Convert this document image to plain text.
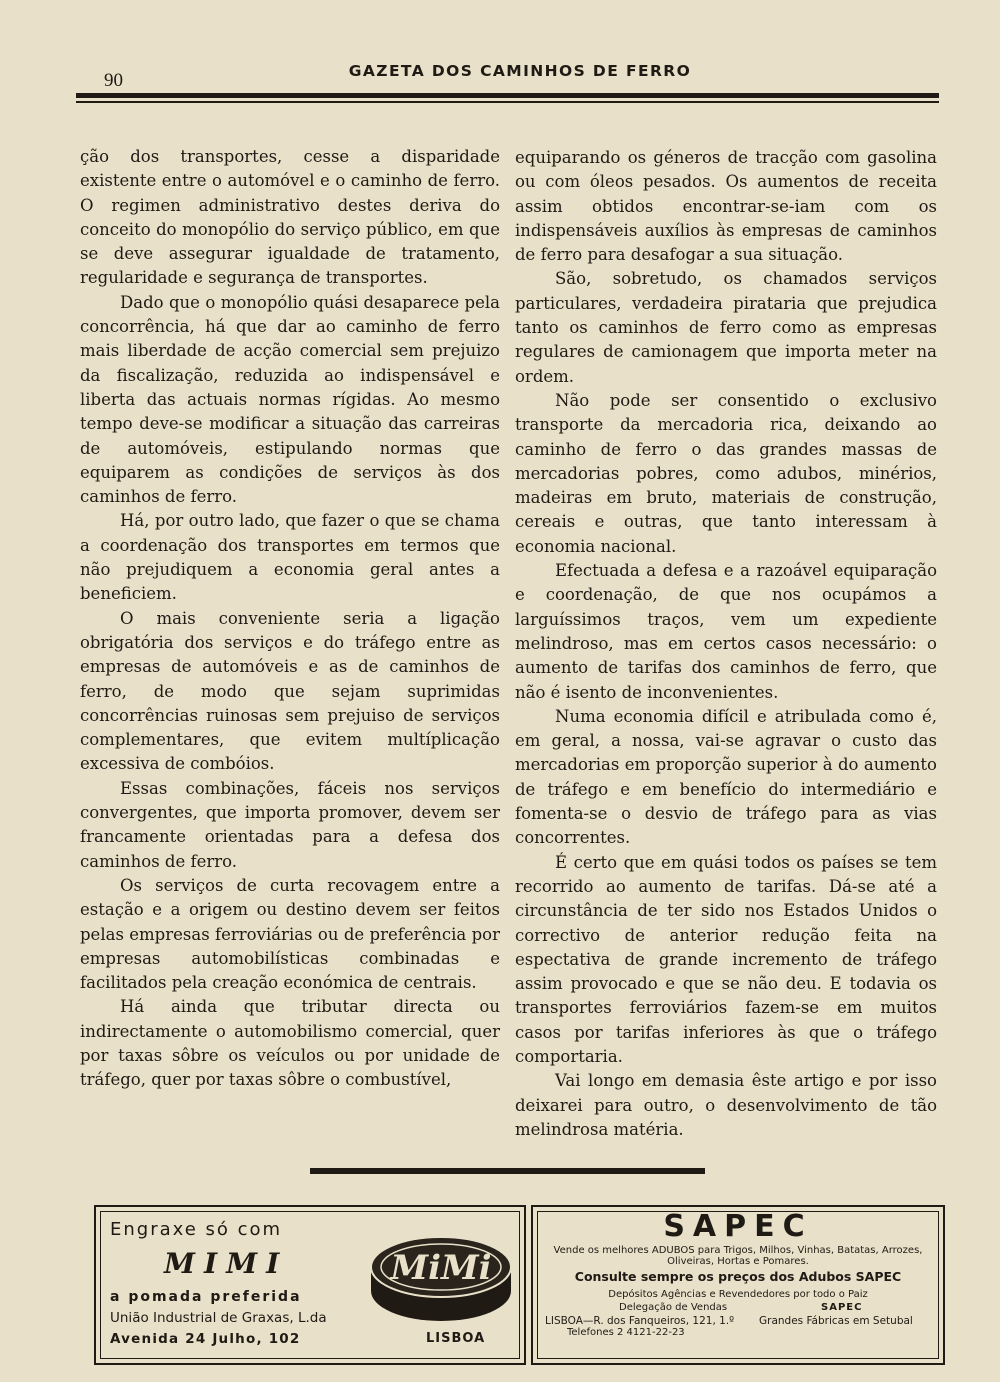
90	GAZETA DOS CAMINHOS DE FERRO

ção dos transportes, cesse a disparidade existente entre o automóvel e o caminho de ferro. O regimen administrativo destes deriva do conceito do monopólio do serviço público, em que se deve assegurar igualdade de tratamento, regularidade e segurança de transportes.

Dado que o monopólio quási desaparece pela concorrência, há que dar ao caminho de ferro mais liberdade de acção comercial sem prejuizo da fiscalização, reduzida ao indispensável e liberta das actuais normas rígidas. Ao mesmo tempo deve-se modificar a situação das carreiras de automóveis, estipulando normas que equiparem as condições de serviços às dos caminhos de ferro.

Há, por outro lado, que fazer o que se chama a coordenação dos transportes em termos que não prejudiquem a economia geral antes a beneficiem.

O mais conveniente seria a ligação obrigatória dos serviços e do tráfego entre as empresas de automóveis e as de caminhos de ferro, de modo que sejam suprimidas concorrências ruinosas sem prejuiso de serviços complementares, que evitem multíplicação excessiva de combóios.

Essas combinações, fáceis nos serviços convergentes, que importa promover, devem ser francamente orientadas para a defesa dos caminhos de ferro.

Os serviços de curta recovagem entre a estação e a origem ou destino devem ser feitos pelas empresas ferroviárias ou de preferência por empresas automobilísticas combinadas e facilitados pela creação económica de centrais.

Há ainda que tributar directa ou indirectamente o automobilismo comercial, quer por taxas sôbre os veículos ou por unidade de tráfego, quer por taxas sôbre o combustível,

equiparando os géneros de tracção com gasolina ou com óleos pesados. Os aumentos de receita assim obtidos encontrar-se-iam com os indispensáveis auxílios às empresas de caminhos de ferro para desafogar a sua situação.

São, sobretudo, os chamados serviços particulares, verdadeira pirataria que prejudica tanto os caminhos de ferro como as empresas regulares de camionagem que importa meter na ordem.

Não pode ser consentido o exclusivo transporte da mercadoria rica, deixando ao caminho de ferro o das grandes massas de mercadorias pobres, como adubos, minérios, madeiras em bruto, materiais de construção, cereais e outras, que tanto interessam à economia nacional.

Efectuada a defesa e a razoável equiparação e coordenação, de que nos ocupámos a larguíssimos traços, vem um expediente melindroso, mas em certos casos necessário: o aumento de tarifas dos caminhos de ferro, que não é isento de inconvenientes.

Numa economia difícil e atribulada como é, em geral, a nossa, vai-se agravar o custo das mercadorias em proporção superior à do aumento de tráfego e em benefício do intermediário e fomenta-se o desvio de tráfego para as vias concorrentes.

É certo que em quási todos os países se tem recorrido ao aumento de tarifas. Dá-se até a circunstância de ter sido nos Estados Unidos o correctivo de anterior redução feita na espectativa de grande incremento de tráfego assim provocado e que se não deu. E todavia os transportes ferroviários fazem-se em muitos casos por tarifas inferiores às que o tráfego comportaria.

Vai longo em demasia êste artigo e por isso deixarei para outro, o desenvolvimento de tão melindrosa matéria.

Engraxe só com
MIMI	MiMi
a pomada preferida
União Industrial de Graxas, L.da
Avenida 24 Julho, 102	LISBOA
SAPEC
Vende os melhores ADUBOS para Trigos, Milhos, Vinhas, Batatas, Arrozes, Oliveiras, Hortas e Pomares.
Consulte sempre os preços dos Adubos SAPEC
Depósitos Agências e Revendedores por todo o Paiz
Delegação de Vendas	SAPEC
LISBOA—R. dos Fanqueiros, 121, 1.º Grandes Fábricas em Setubal
Telefones 2 4121-22-23
